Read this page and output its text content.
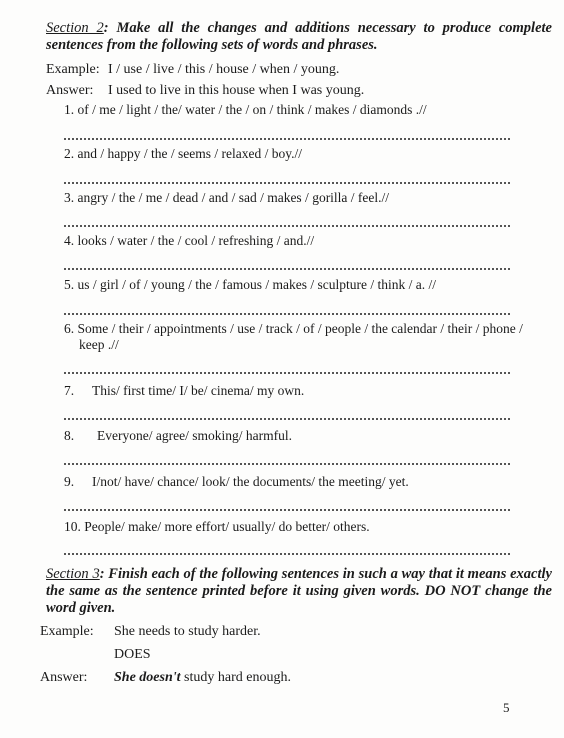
Section 2: Make all the changes and additions necessary to produce complete sentences from the following sets of words and phrases.
Example: I / use / live / this / house / when / young.
Answer: I used to live in this house when I was young.
1. of / me / light / the/ water / the / on / think / makes / diamonds .//
2. and / happy / the / seems / relaxed / boy.//
3. angry / the / me / dead / and / sad / makes / gorilla / feel.//
4. looks / water / the / cool / refreshing / and.//
5. us / girl / of / young / the / famous / makes / sculpture / think / a. //
6. Some / their / appointments / use / track / of / people / the calendar / their / phone /
keep .//
7. This/ first time/ I/ be/ cinema/ my own.
8. Everyone/ agree/ smoking/ harmful.
9. I/not/ have/ chance/ look/ the documents/ the meeting/ yet.
10. People/ make/ more effort/ usually/ do better/ others.
Section 3: Finish each of the following sentences in such a way that it means exactly the same as the sentence printed before it using given words. DO NOT change the word given.
Example: She needs to study harder.
DOES
Answer: She doesn't study hard enough.
5
